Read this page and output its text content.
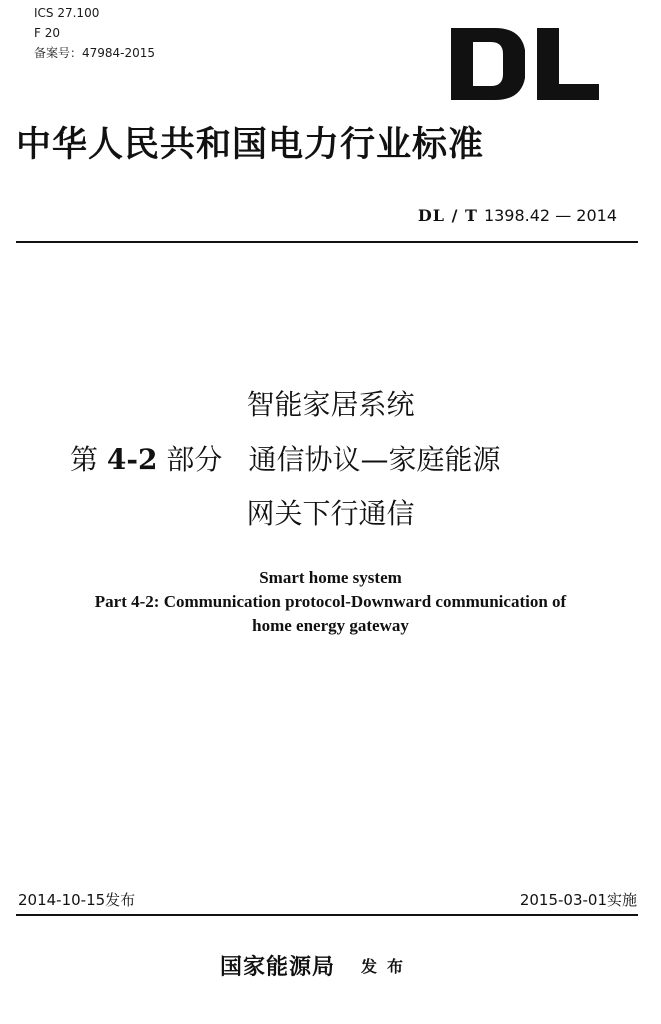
ICS 27.100
F 20
备案号：47984-2015
中华人民共和国电力行业标准
DL / T 1398.42 — 2014
智能家居系统
第 4-2 部分 通信协议—家庭能源
网关下行通信
Smart home system
Part 4-2: Communication protocol-Downward communication of
home energy gateway
2014-10-15发布	2015-03-01实施
国家能源局 发布
